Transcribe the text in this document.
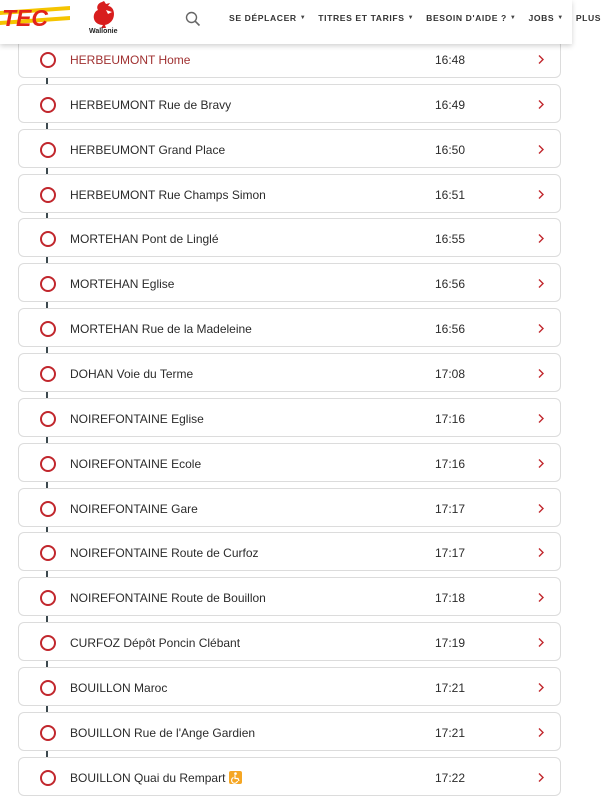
TEC
Wallonie
SE DÉPLACER ▼ TITRES ET TARIFS ▼ BESOIN D'AIDE ? ▼ JOBS ▼ PLUS
HERBEUMONT Home	16:48
HERBEUMONT Rue de Bravy	16:49
HERBEUMONT Grand Place	16:50
HERBEUMONT Rue Champs Simon	16:51
MORTEHAN Pont de Linglé	16:55
MORTEHAN Eglise	16:56
MORTEHAN Rue de la Madeleine	16:56
DOHAN Voie du Terme	17:08
NOIREFONTAINE Eglise	17:16
NOIREFONTAINE Ecole	17:16
NOIREFONTAINE Gare	17:17
NOIREFONTAINE Route de Curfoz	17:17
NOIREFONTAINE Route de Bouillon	17:18
CURFOZ Dépôt Poncin Clébant	17:19
BOUILLON Maroc	17:21
BOUILLON Rue de l'Ange Gardien	17:21
BOUILLON Quai du Rempart	17:22
